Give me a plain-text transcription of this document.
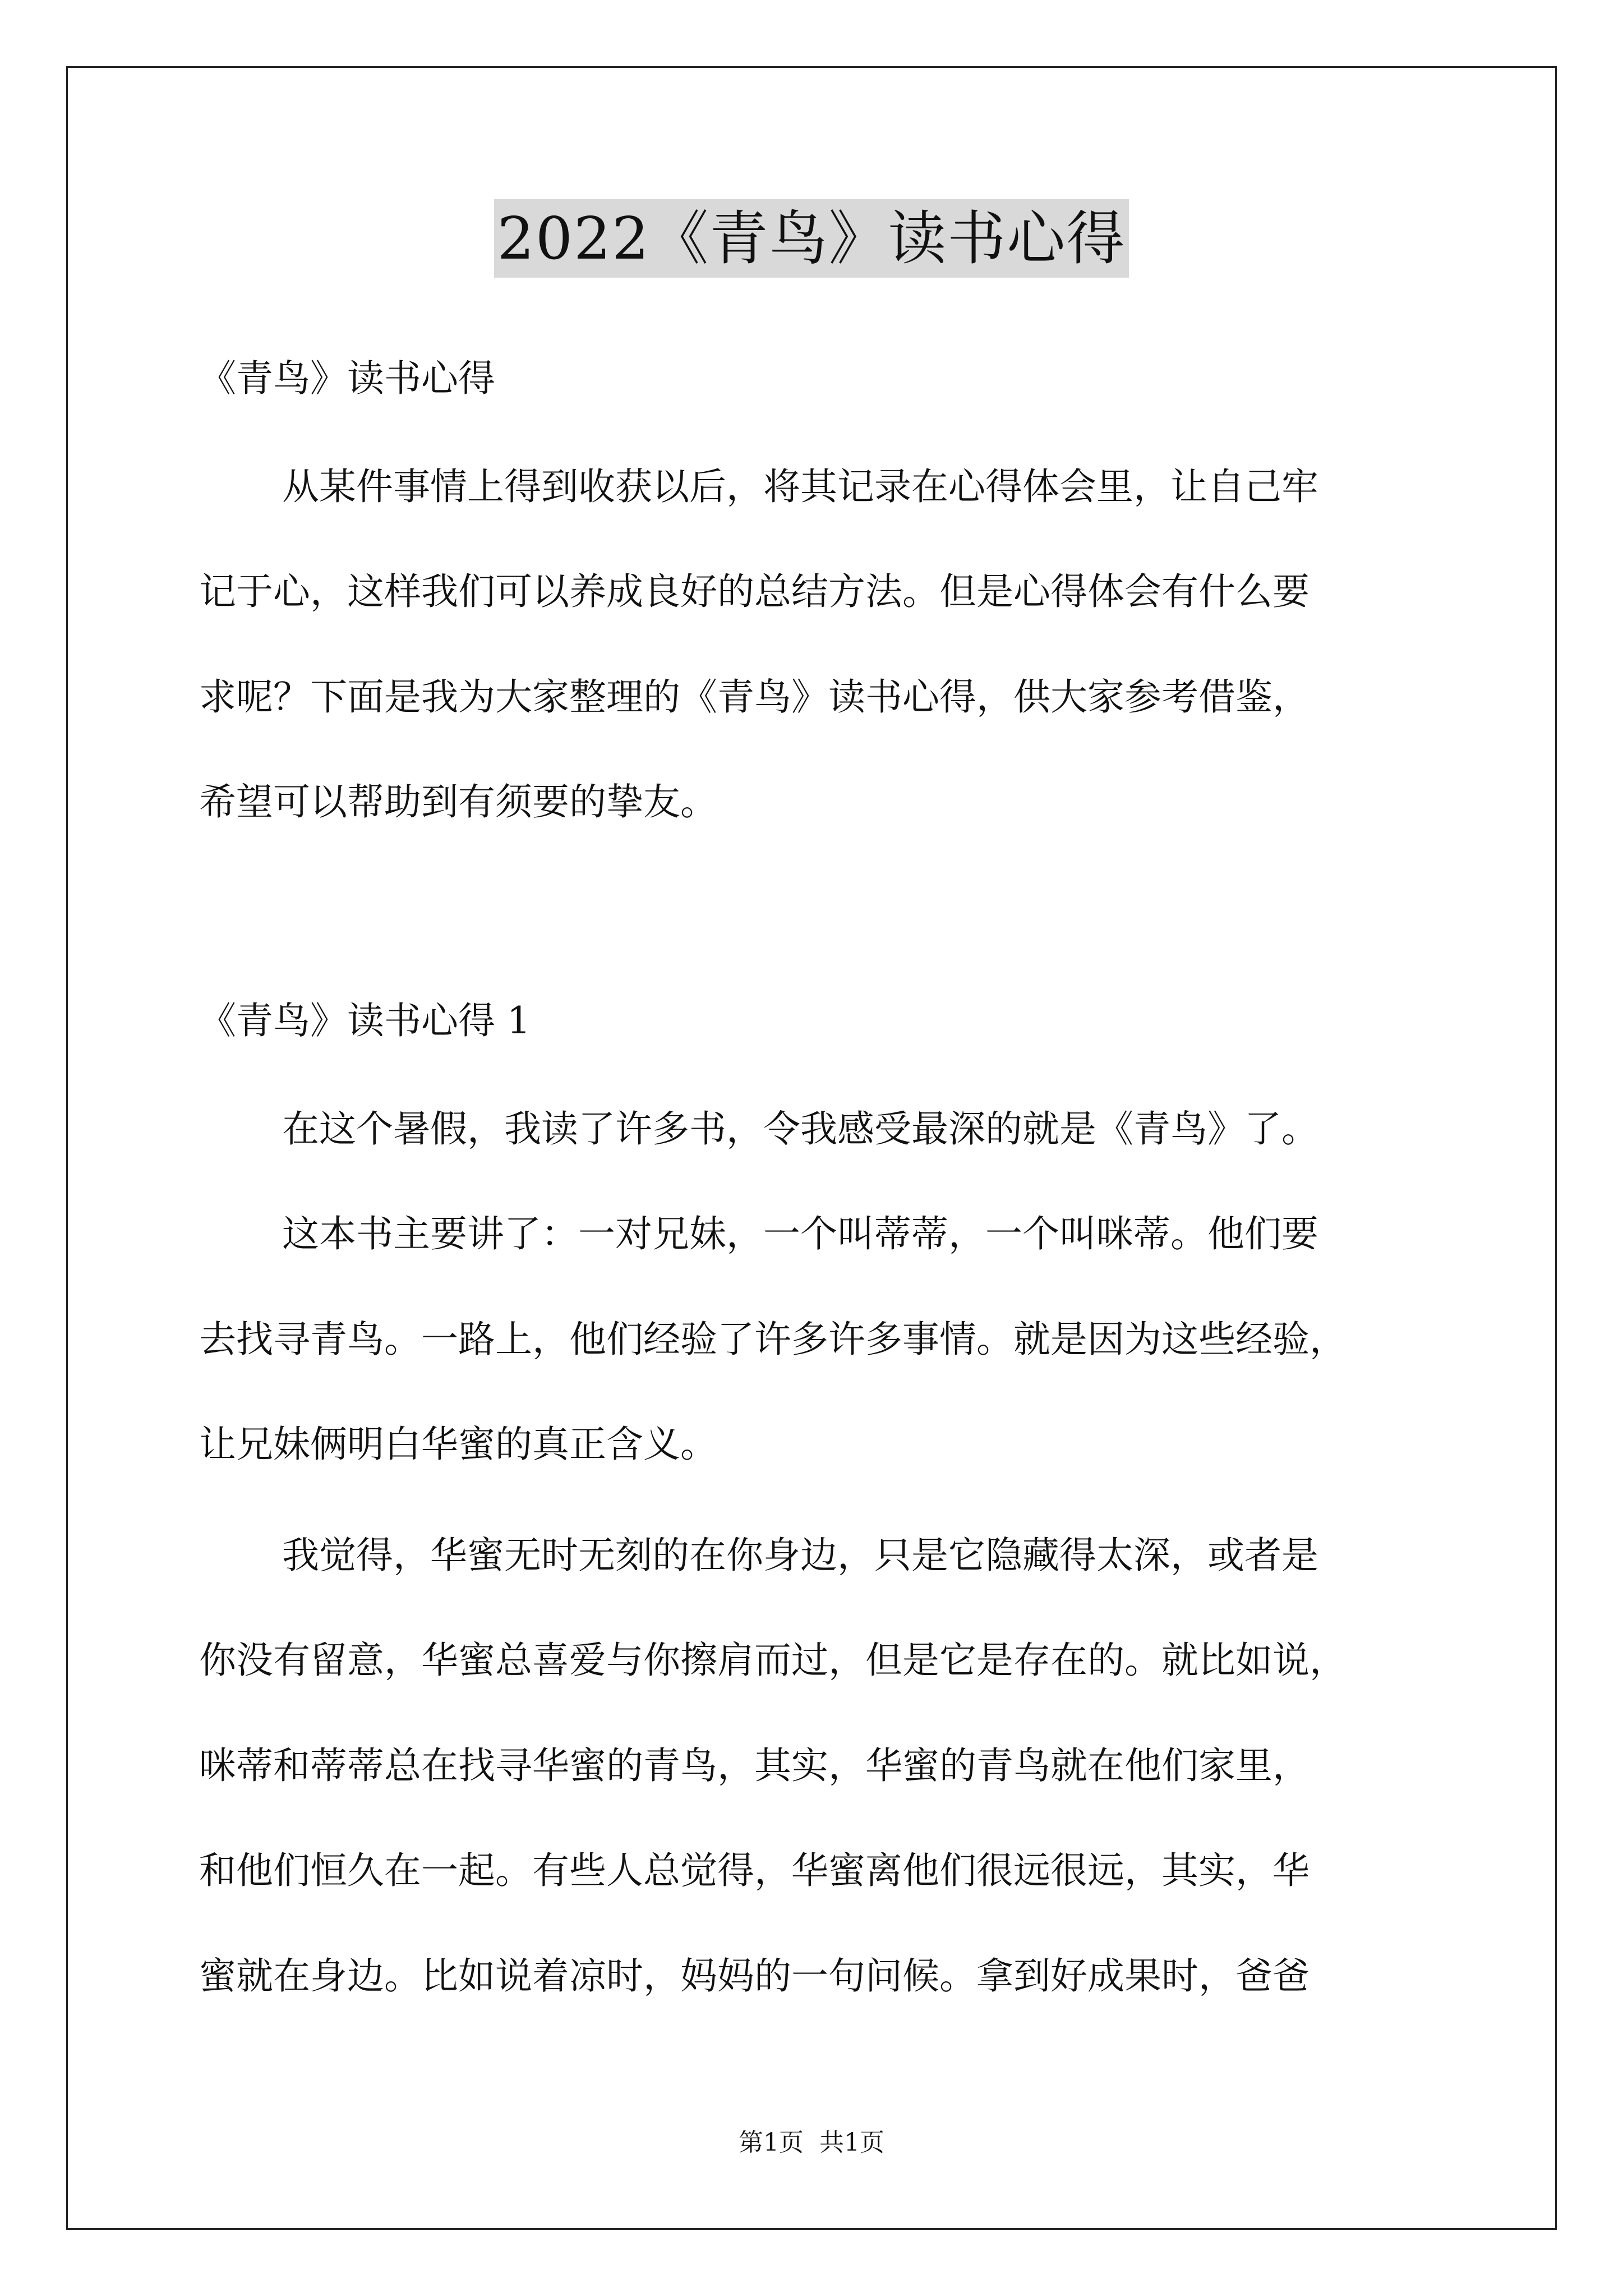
2022《青鸟》读书心得
《青鸟》读书心得
从某件事情上得到收获以后，将其记录在心得体会里，让自己牢
记于心，这样我们可以养成良好的总结方法。但是心得体会有什么要
求呢？下面是我为大家整理的《青鸟》读书心得，供大家参考借鉴，
希望可以帮助到有须要的挚友。
《青鸟》读书心得 1
在这个暑假，我读了许多书，令我感受最深的就是《青鸟》了。
这本书主要讲了：一对兄妹，一个叫蒂蒂，一个叫咪蒂。他们要
去找寻青鸟。一路上，他们经验了许多许多事情。就是因为这些经验，
让兄妹俩明白华蜜的真正含义。
我觉得，华蜜无时无刻的在你身边，只是它隐藏得太深，或者是
你没有留意，华蜜总喜爱与你擦肩而过，但是它是存在的。就比如说，
咪蒂和蒂蒂总在找寻华蜜的青鸟，其实，华蜜的青鸟就在他们家里，
和他们恒久在一起。有些人总觉得，华蜜离他们很远很远，其实，华
蜜就在身边。比如说着凉时，妈妈的一句问候。拿到好成果时，爸爸
第1页 共1页
